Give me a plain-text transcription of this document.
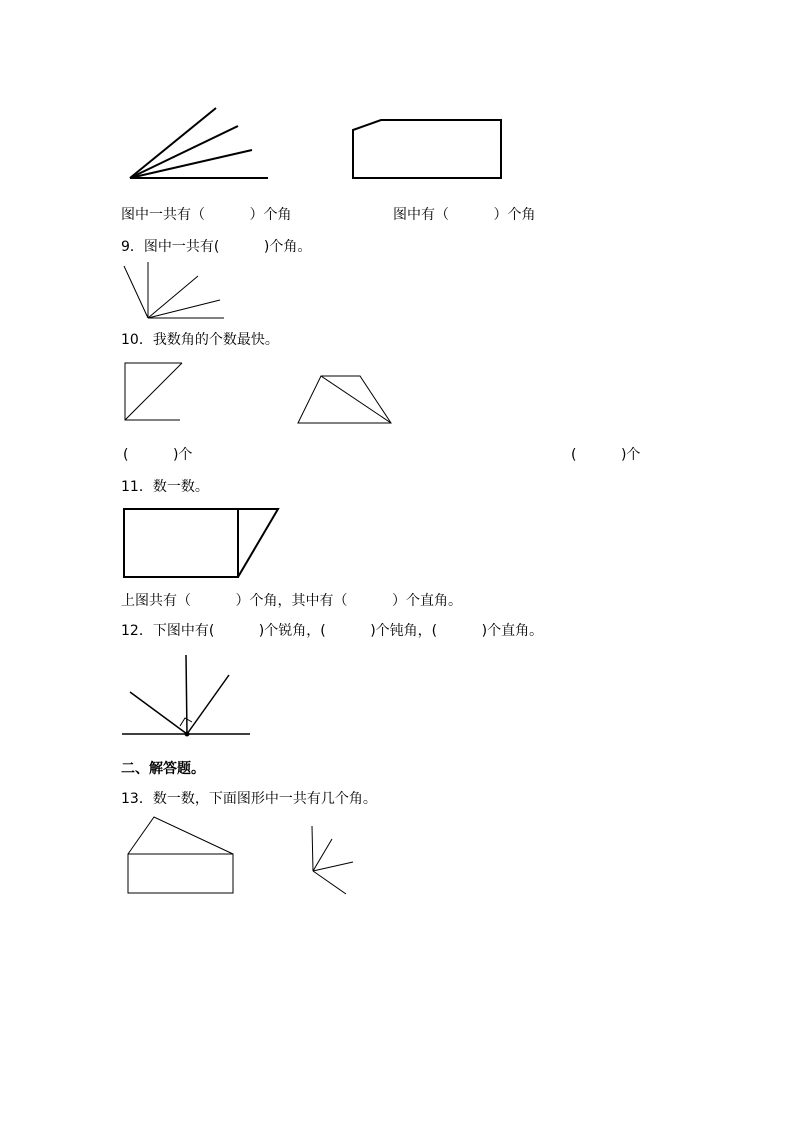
图中一共有（          ）个角	图中有（          ）个角
9．图中一共有(          )个角。
10．我数角的个数最快。
(          )个	(          )个
11．数一数。
上图共有（          ）个角，其中有（          ）个直角。
12．下图中有(          )个锐角，(          )个钝角，(          )个直角。
二、解答题。
13．数一数，下面图形中一共有几个角。
